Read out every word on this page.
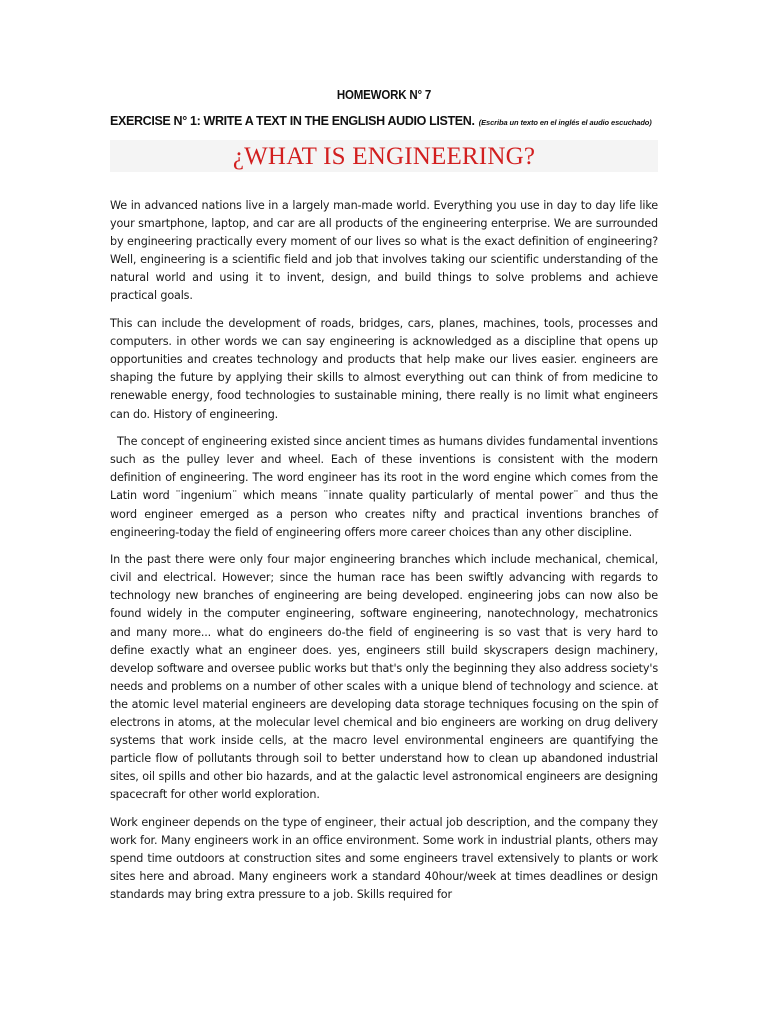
HOMEWORK N° 7
EXERCISE N° 1: WRITE A TEXT IN THE ENGLISH AUDIO LISTEN. (Escriba un texto en el inglés el audio escuchado)
¿WHAT IS ENGINEERING?

We in advanced nations live in a largely man-made world. Everything you use in day to day life like your smartphone, laptop, and car are all products of the engineering enterprise. We are surrounded by engineering practically every moment of our lives so what is the exact definition of engineering? Well, engineering is a scientific field and job that involves taking our scientific understanding of the natural world and using it to invent, design, and build things to solve problems and achieve practical goals.

This can include the development of roads, bridges, cars, planes, machines, tools, processes and computers. in other words we can say engineering is acknowledged as a discipline that opens up opportunities and creates technology and products that help make our lives easier. engineers are shaping the future by applying their skills to almost everything out can think of from medicine to renewable energy, food technologies to sustainable mining, there really is no limit what engineers can do. History of engineering.

The concept of engineering existed since ancient times as humans divides fundamental inventions such as the pulley lever and wheel. Each of these inventions is consistent with the modern definition of engineering. The word engineer has its root in the word engine which comes from the Latin word ¨ingenium¨ which means ¨innate quality particularly of mental power¨ and thus the word engineer emerged as a person who creates nifty and practical inventions branches of engineering-today the field of engineering offers more career choices than any other discipline.

In the past there were only four major engineering branches which include mechanical, chemical, civil and electrical. However; since the human race has been swiftly advancing with regards to technology new branches of engineering are being developed. engineering jobs can now also be found widely in the computer engineering, software engineering, nanotechnology, mechatronics and many more... what do engineers do-the field of engineering is so vast that is very hard to define exactly what an engineer does. yes, engineers still build skyscrapers design machinery, develop software and oversee public works but that's only the beginning they also address society's needs and problems on a number of other scales with a unique blend of technology and science. at the atomic level material engineers are developing data storage techniques focusing on the spin of electrons in atoms, at the molecular level chemical and bio engineers are working on drug delivery systems that work inside cells, at the macro level environmental engineers are quantifying the particle flow of pollutants through soil to better understand how to clean up abandoned industrial sites, oil spills and other bio hazards, and at the galactic level astronomical engineers are designing spacecraft for other world exploration.

Work engineer depends on the type of engineer, their actual job description, and the company they work for. Many engineers work in an office environment. Some work in industrial plants, others may spend time outdoors at construction sites and some engineers travel extensively to plants or work sites here and abroad. Many engineers work a standard 40hour/week at times deadlines or design standards may bring extra pressure to a job. Skills required for
